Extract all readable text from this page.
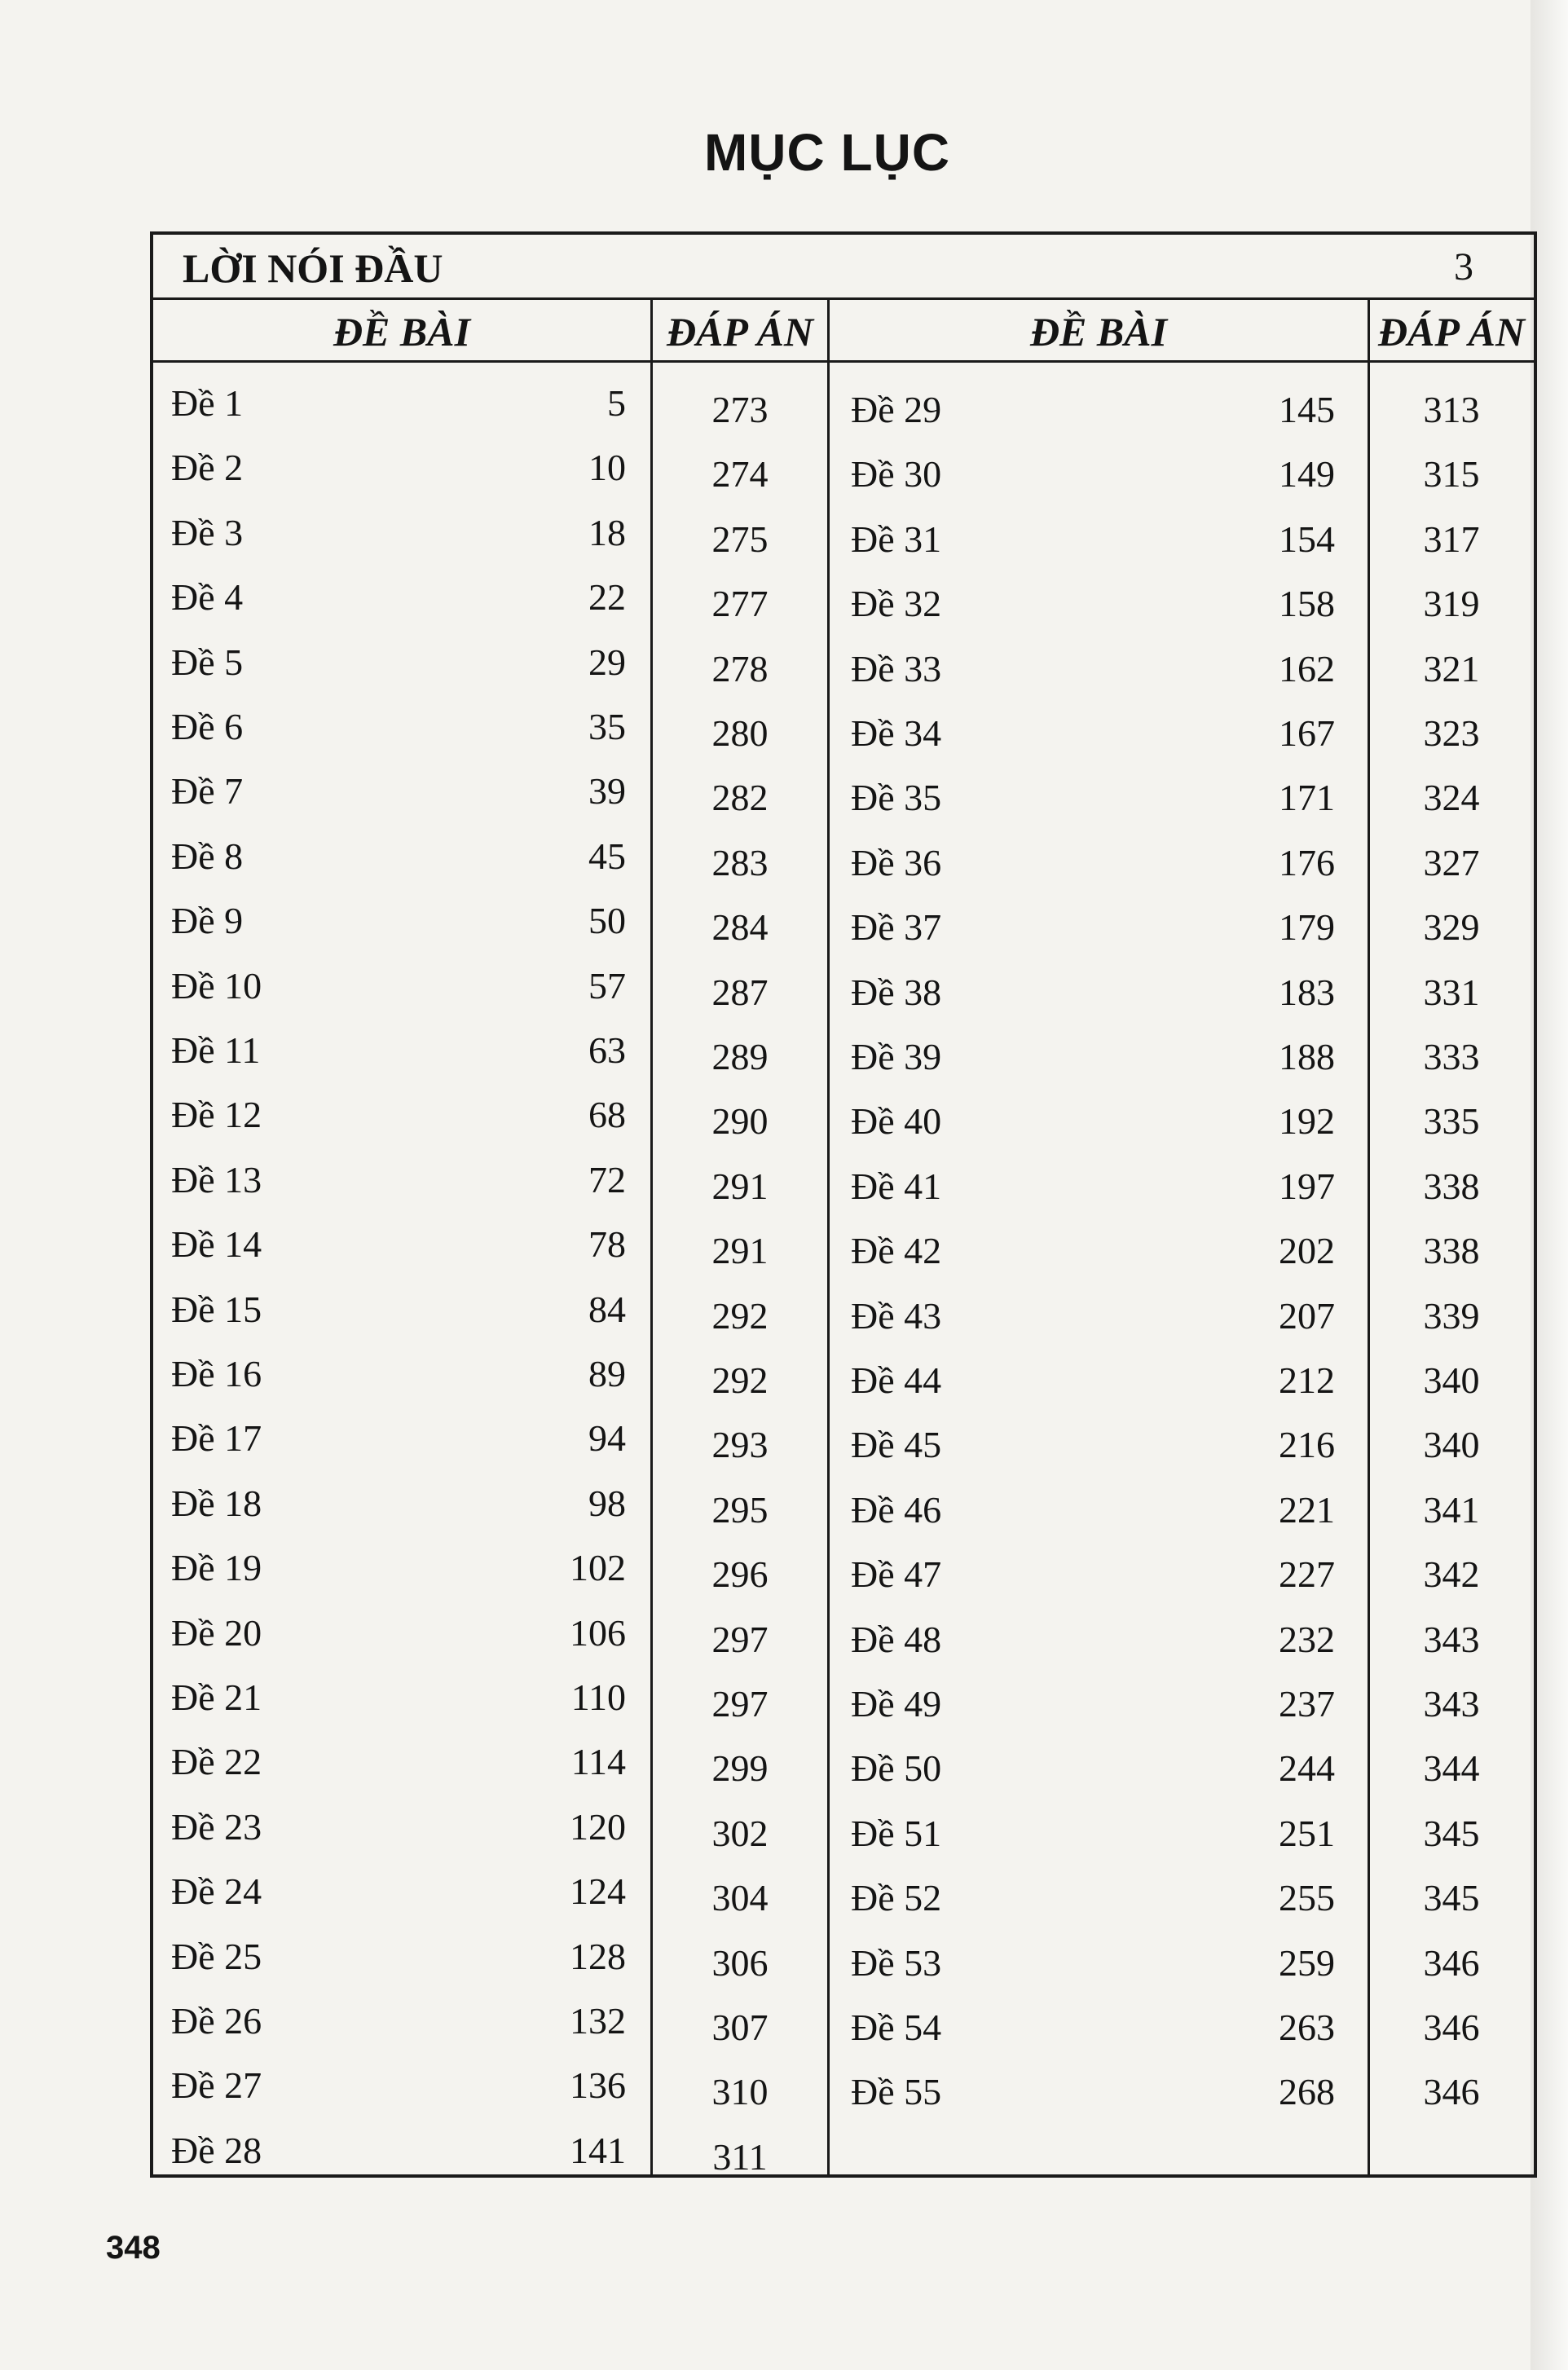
MỤC LỤC
LỜI NÓI ĐẦU	3
ĐỀ BÀI	ĐÁP ÁN	ĐỀ BÀI	ĐÁP ÁN
Đề 1	5	273
Đề 2	10	274
Đề 3	18	275
Đề 4	22	277
Đề 5	29	278
Đề 6	35	280
Đề 7	39	282
Đề 8	45	283
Đề 9	50	284
Đề 10	57	287
Đề 11	63	289
Đề 12	68	290
Đề 13	72	291
Đề 14	78	291
Đề 15	84	292
Đề 16	89	292
Đề 17	94	293
Đề 18	98	295
Đề 19	102	296
Đề 20	106	297
Đề 21	110	297
Đề 22	114	299
Đề 23	120	302
Đề 24	124	304
Đề 25	128	306
Đề 26	132	307
Đề 27	136	310
Đề 28	141	311
Đề 29	145	313
Đề 30	149	315
Đề 31	154	317
Đề 32	158	319
Đề 33	162	321
Đề 34	167	323
Đề 35	171	324
Đề 36	176	327
Đề 37	179	329
Đề 38	183	331
Đề 39	188	333
Đề 40	192	335
Đề 41	197	338
Đề 42	202	338
Đề 43	207	339
Đề 44	212	340
Đề 45	216	340
Đề 46	221	341
Đề 47	227	342
Đề 48	232	343
Đề 49	237	343
Đề 50	244	344
Đề 51	251	345
Đề 52	255	345
Đề 53	259	346
Đề 54	263	346
Đề 55	268	346
348
